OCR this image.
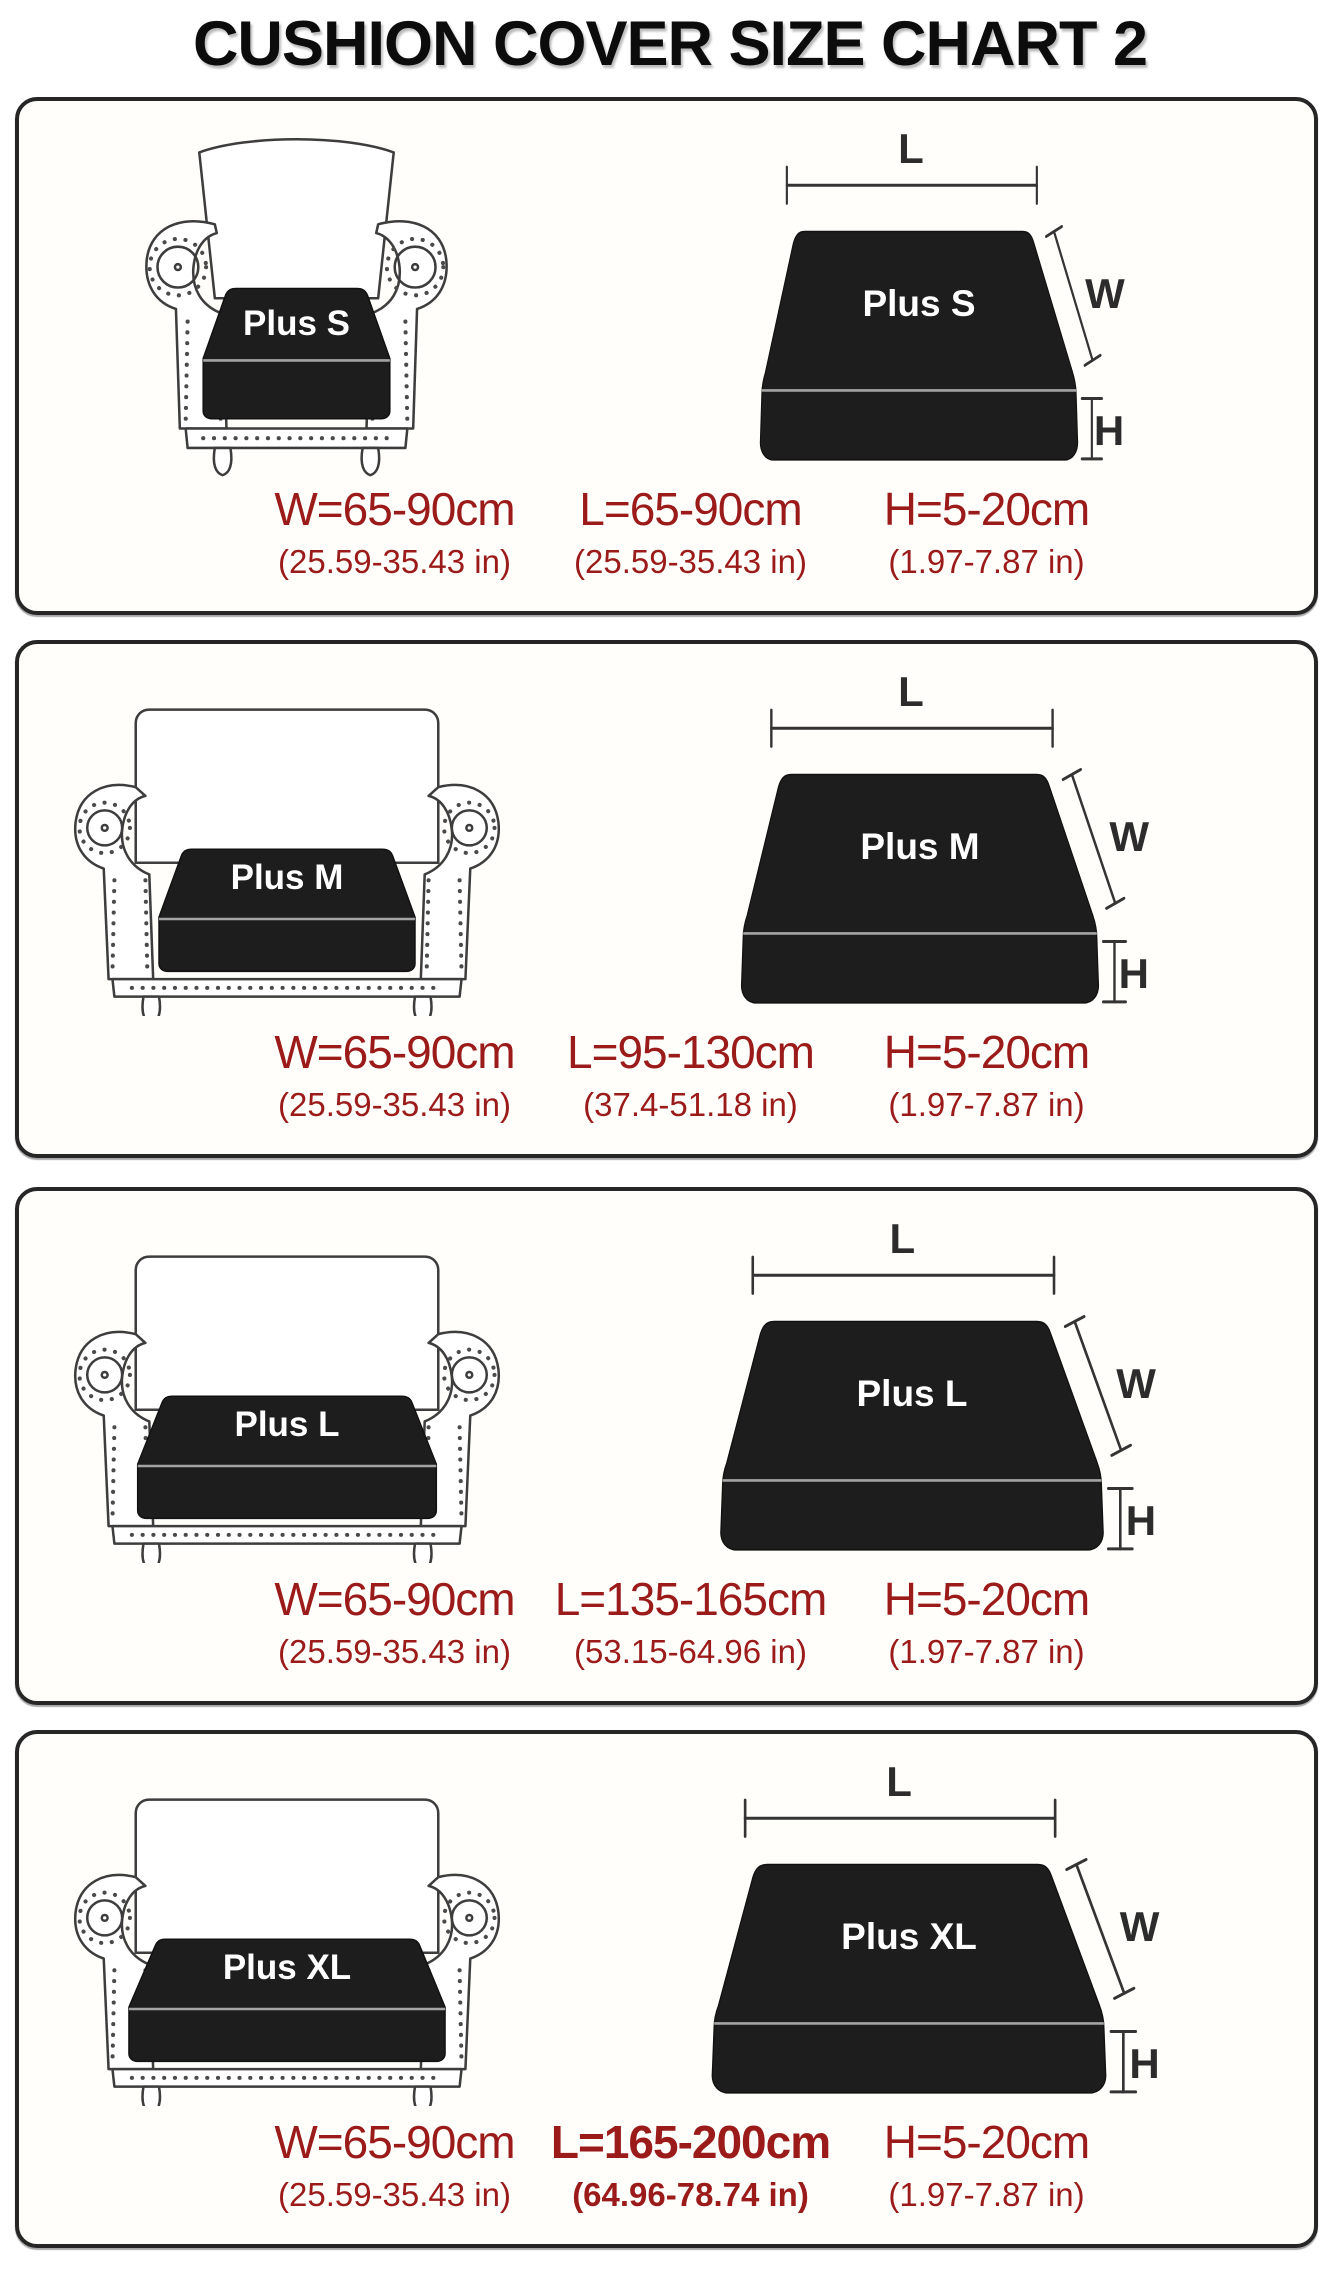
CUSHION COVER SIZE CHART 2
Plus S
L
W
H
Plus S
W=65-90cm
(25.59-35.43 in)
L=65-90cm
(25.59-35.43 in)
H=5-20cm
(1.97-7.87 in)
Plus M
L
W
H
Plus M
W=65-90cm
(25.59-35.43 in)
L=95-130cm
(37.4-51.18 in)
H=5-20cm
(1.97-7.87 in)
Plus L
L
W
H
Plus L
W=65-90cm
(25.59-35.43 in)
L=135-165cm
(53.15-64.96 in)
H=5-20cm
(1.97-7.87 in)
Plus XL
L
W
H
Plus XL
W=65-90cm
(25.59-35.43 in)
L=165-200cm
(64.96-78.74 in)
H=5-20cm
(1.97-7.87 in)
